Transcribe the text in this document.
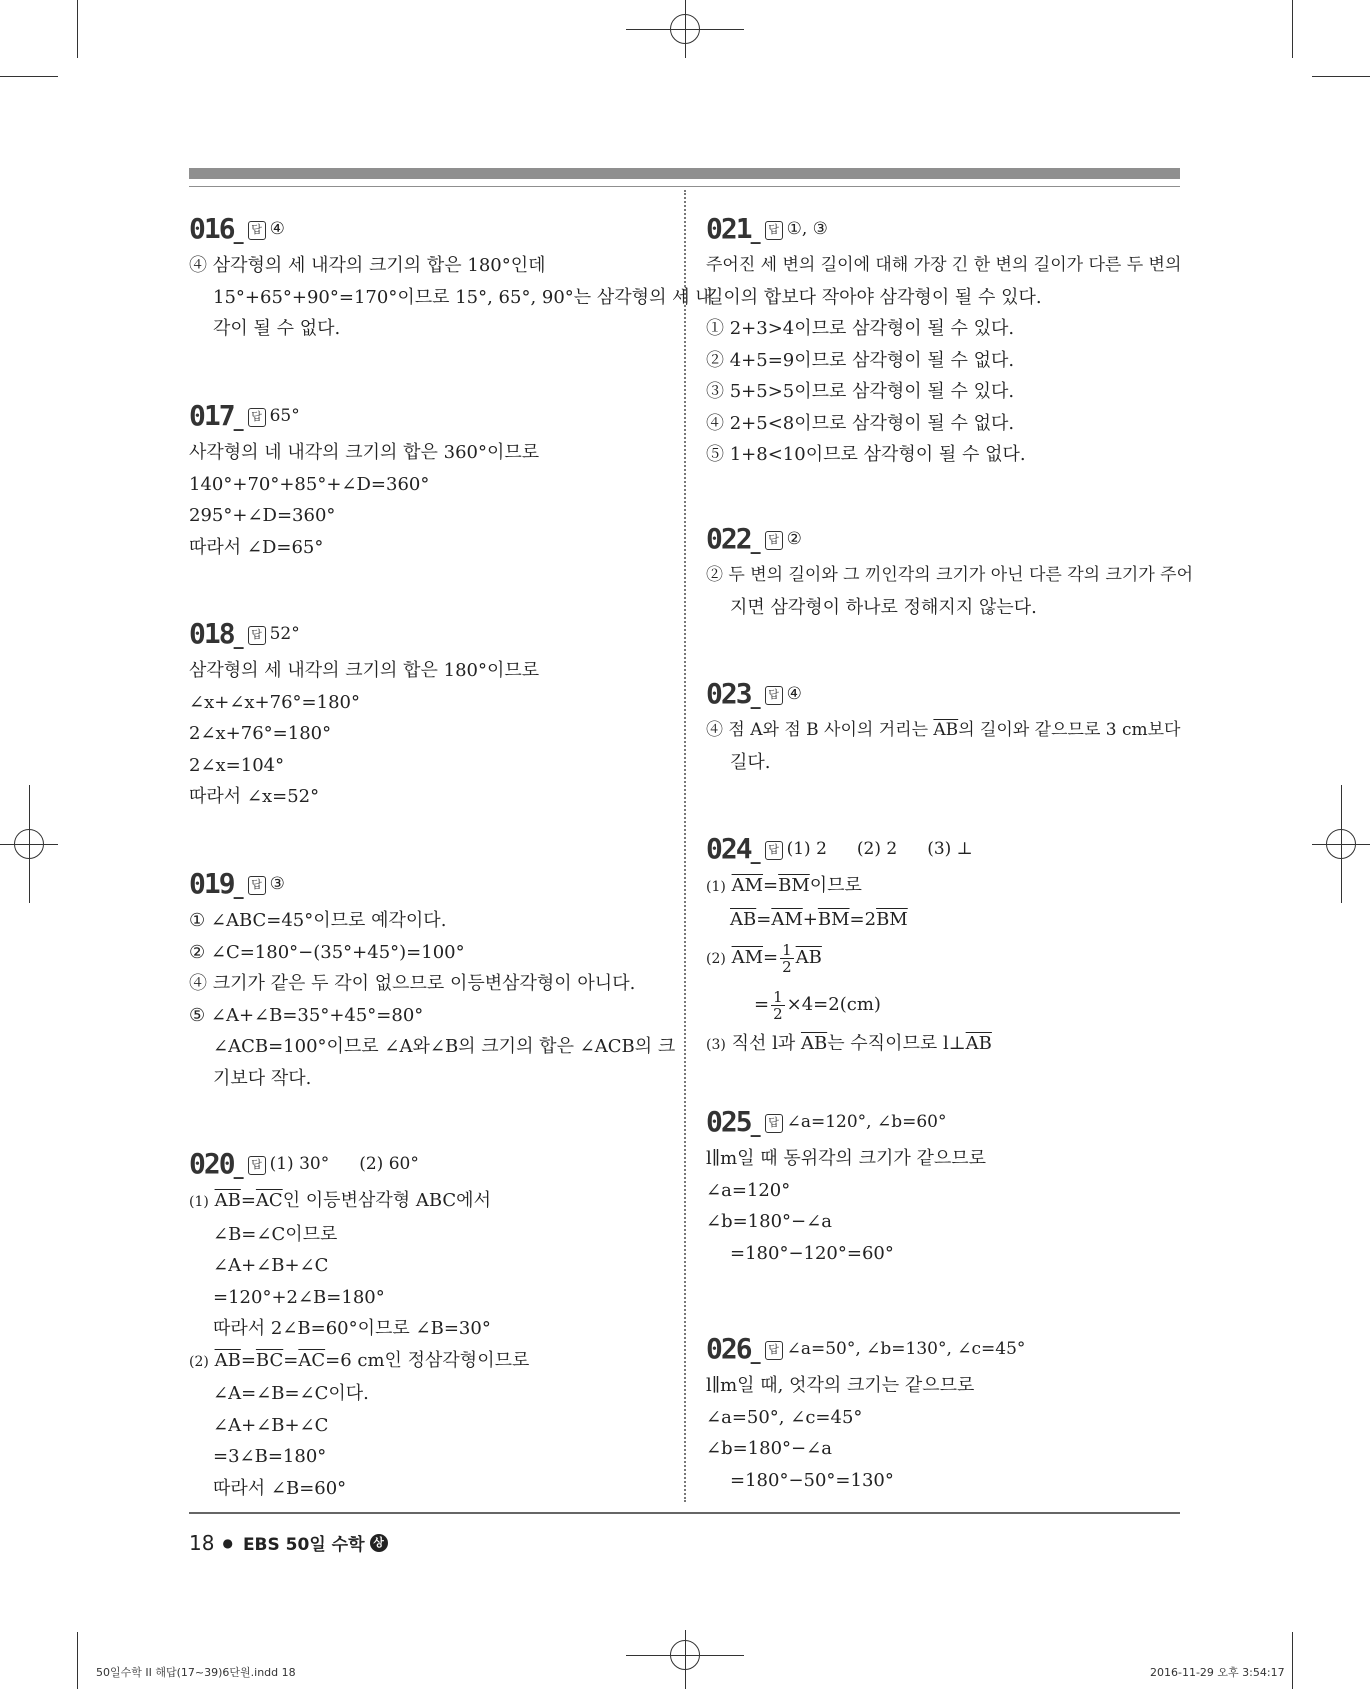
016 _ 답 ④
④ 삼각형의 세 내각의 크기의 합은 180°인데
15°+65°+90°=170°이므로 15°, 65°, 90°는 삼각형의 세 내
각이 될 수 없다.
017 _ 답 65°
사각형의 네 내각의 크기의 합은 360°이므로
140°+70°+85°+∠D=360°
295°+∠D=360°
따라서 ∠D=65°
018 _ 답 52°
삼각형의 세 내각의 크기의 합은 180°이므로
∠x+∠x+76°=180°
2∠x+76°=180°
2∠x=104°
따라서 ∠x=52°
019 _ 답 ③
① ∠ABC=45°이므로 예각이다.
② ∠C=180°−(35°+45°)=100°
④ 크기가 같은 두 각이 없으므로 이등변삼각형이 아니다.
⑤ ∠A+∠B=35°+45°=80°
∠ACB=100°이므로 ∠A와∠B의 크기의 합은 ∠ACB의 크
기보다 작다.
020 _ 답 (1) 30° (2) 60°
(1) $\overline{AB}=\overline{AC}$인 이등변삼각형 ABC에서
∠B=∠C이므로
∠A+∠B+∠C
=120°+2∠B=180°
따라서 2∠B=60°이므로 ∠B=30°
(2) $\overline{AB}=\overline{BC}=\overline{AC}=6$ cm인 정삼각형이므로
∠A=∠B=∠C이다.
∠A+∠B+∠C
=3∠B=180°
따라서 ∠B=60°
021 _ 답 ①, ③
주어진 세 변의 길이에 대해 가장 긴 한 변의 길이가 다른 두 변의
길이의 합보다 작아야 삼각형이 될 수 있다.
① 2+3>4이므로 삼각형이 될 수 있다.
② 4+5=9이므로 삼각형이 될 수 없다.
③ 5+5>5이므로 삼각형이 될 수 있다.
④ 2+5<8이므로 삼각형이 될 수 없다.
⑤ 1+8<10이므로 삼각형이 될 수 없다.
022 _ 답 ②
② 두 변의 길이와 그 끼인각의 크기가 아닌 다른 각의 크기가 주어
지면 삼각형이 하나로 정해지지 않는다.
023 _ 답 ④
④ 점 A와 점 B 사이의 거리는 $\overline{AB}$의 길이와 같으므로 3 cm보다
길다.
024 _ 답 (1) 2 (2) 2 (3) ⊥
(1) $\overline{AM}=\overline{BM}$이므로
$\overline{AB}=\overline{AM}+\overline{BM}=2\overline{BM}$
(2) $\overline{AM}= \frac{1}{2} \overline{AB}$
= $\frac{1}{2} \times 4=2(cm)$
(3) 직선 l과 $\overline{AB}$는 수직이므로 $l\perp\overline{AB}$
025 _ 답 ∠a=120°, ∠b=60°
l∥m일 때 동위각의 크기가 같으므로
∠a=120°
∠b=180°−∠a
=180°−120°=60°
026 _ 답 ∠a=50°, ∠b=130°, ∠c=45°
l∥m일 때, 엇각의 크기는 같으므로
∠a=50°, ∠c=45°
∠b=180°−∠a
=180°−50°=130°
18 ● EBS 50일 수학 상
50일수학 II 해답(17~39)6단원.indd 18	2016-11-29 오후 3:54:17
